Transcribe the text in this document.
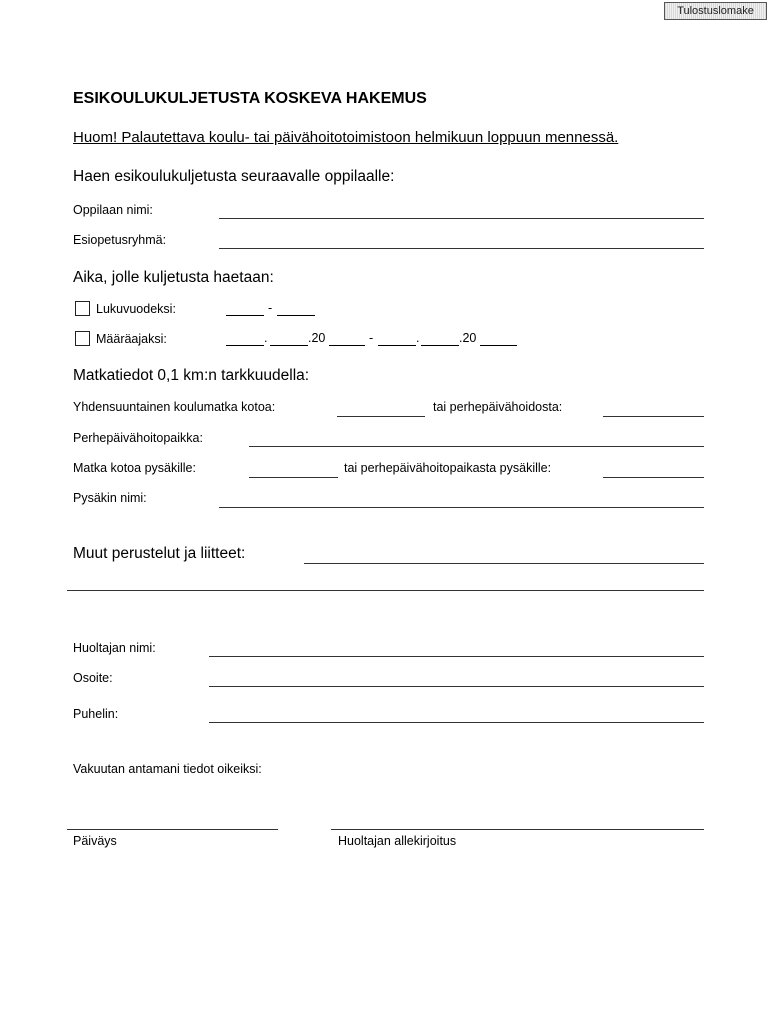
Tulostuslomake
ESIKOULUKULJETUSTA KOSKEVA HAKEMUS
Huom! Palautettava koulu- tai päivähoitotoimistoon helmikuun loppuun mennessä.
Haen esikoulukuljetusta seuraavalle oppilaalle:
Oppilaan nimi:
Esiopetusryhmä:
Aika, jolle kuljetusta haetaan:
Lukuvuodeksi:	-
Määräajaksi:	.	.20	-	.	.20
Matkatiedot 0,1 km:n tarkkuudella:
Yhdensuuntainen koulumatka kotoa:	tai perhepäivähoidosta:
Perhepäivähoitopaikka:
Matka kotoa pysäkille:	tai perhepäivähoitopaikasta pysäkille:
Pysäkin nimi:
Muut perustelut ja liitteet:
Huoltajan nimi:
Osoite:
Puhelin:
Vakuutan antamani tiedot oikeiksi:
Päiväys	Huoltajan allekirjoitus
